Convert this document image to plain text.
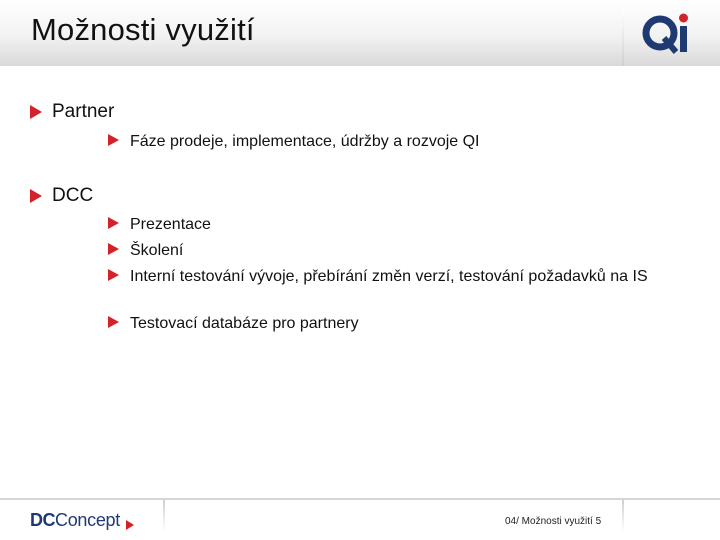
Možnosti využití
Partner
Fáze prodeje, implementace, údržby a rozvoje QI
DCC
Prezentace
Školení
Interní testování vývoje, přebírání změn verzí, testování požadavků na IS
Testovací databáze pro partnery
DC Concept	04/ Možnosti využití 5
